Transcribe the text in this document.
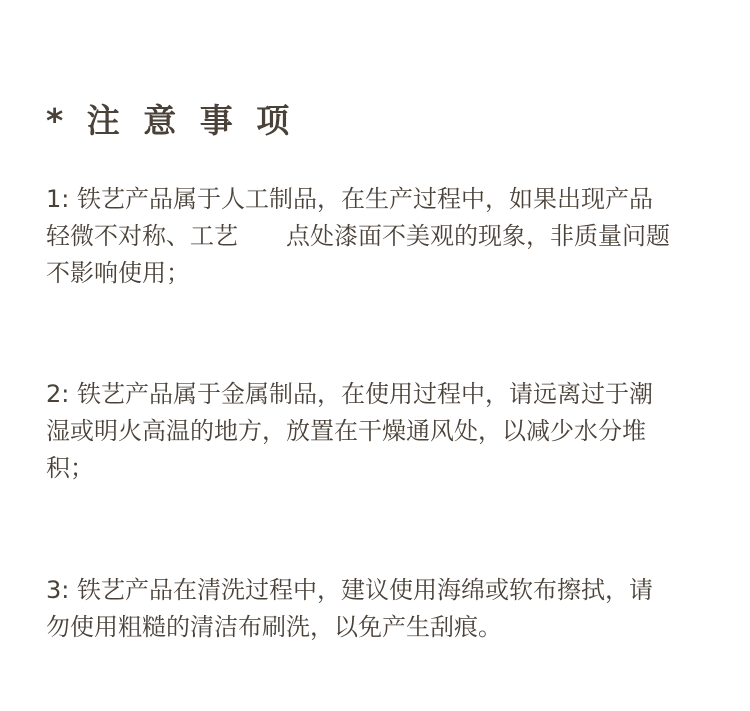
* 注 意 事 项

1: 铁艺产品属于人工制品，在生产过程中，如果出现产品

轻微不对称、工艺　　点处漆面不美观的现象，非质量问题

不影响使用；

2: 铁艺产品属于金属制品，在使用过程中，请远离过于潮

湿或明火高温的地方，放置在干燥通风处，以减少水分堆

积；

3: 铁艺产品在清洗过程中，建议使用海绵或软布擦拭，请

勿使用粗糙的清洁布刷洗，以免产生刮痕。
